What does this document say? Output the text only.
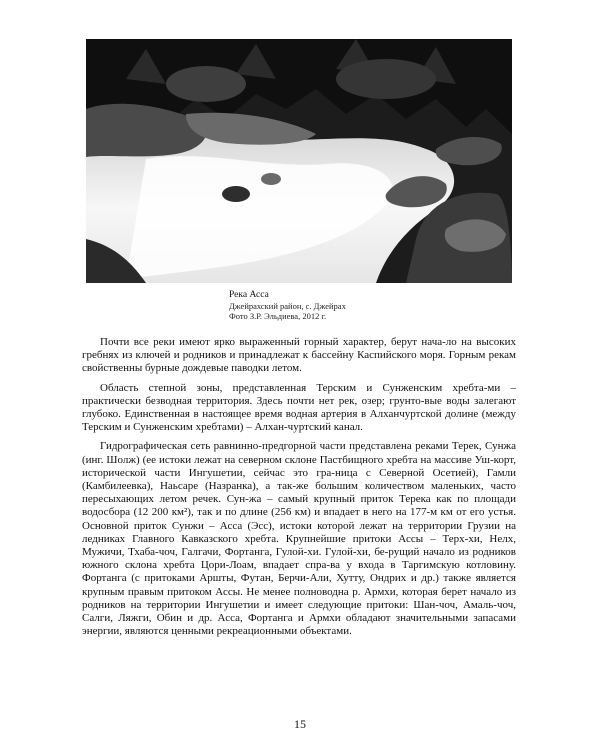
Река Асса

Джейрахский район, с. Джейрах

Фото З.Р. Эльдиева, 2012 г.

Почти все реки имеют ярко выраженный горный характер, берут нача-ло на высоких гребнях из ключей и родников и принадлежат к бассейну Каспийского моря. Горным рекам свойственны бурные дождевые паводки летом.

Область степной зоны, представленная Терским и Сунженским хребта-ми – практически безводная территория. Здесь почти нет рек, озер; грунто-вые воды залегают глубоко. Единственная в настоящее время водная артерия в Алханчуртской долине (между Терским и Сунженским хребтами) – Алхан-чуртский канал.

Гидрографическая сеть равнинно-предгорной части представлена реками Терек, Сунжа (инг. Шолж) (ее истоки лежат на северном склоне Пастбищного хребта на массиве Уш-корт, исторической части Ингушетии, сейчас это гра-ница с Северной Осетией), Гамли (Камбилеевка), Наьсаре (Назранка), а так-же большим количеством маленьких, часто пересыхающих летом речек. Сун-жа – самый крупный приток Терека как по площади водосбора (12 200 км²), так и по длине (256 км) и впадает в него на 177-м км от его устья. Основной приток Сунжи – Асса (Эсс), истоки которой лежат на территории Грузии на ледниках Главного Кавказского хребта. Крупнейшие притоки Ассы – Терх-хи, Нелх, Мужичи, Тхаба-чоч, Галгачи, Фортанга, Гулой-хи. Гулой-хи, бе-рущий начало из родников южного склона хребта Цори-Лоам, впадает спра-ва у входа в Таргимскую котловину. Фортанга (с притоками Аршты, Футан, Берчи-Али, Хутту, Ондрих и др.) также является крупным правым притоком Ассы. Не менее полноводна р. Армхи, которая берет начало из родников на территории Ингушетии и имеет следующие притоки: Шан-чоч, Амаль-чоч, Салги, Ляжги, Обин и др. Асса, Фортанга и Армхи обладают значительными запасами энергии, являются ценными рекреационными объектами.

15
